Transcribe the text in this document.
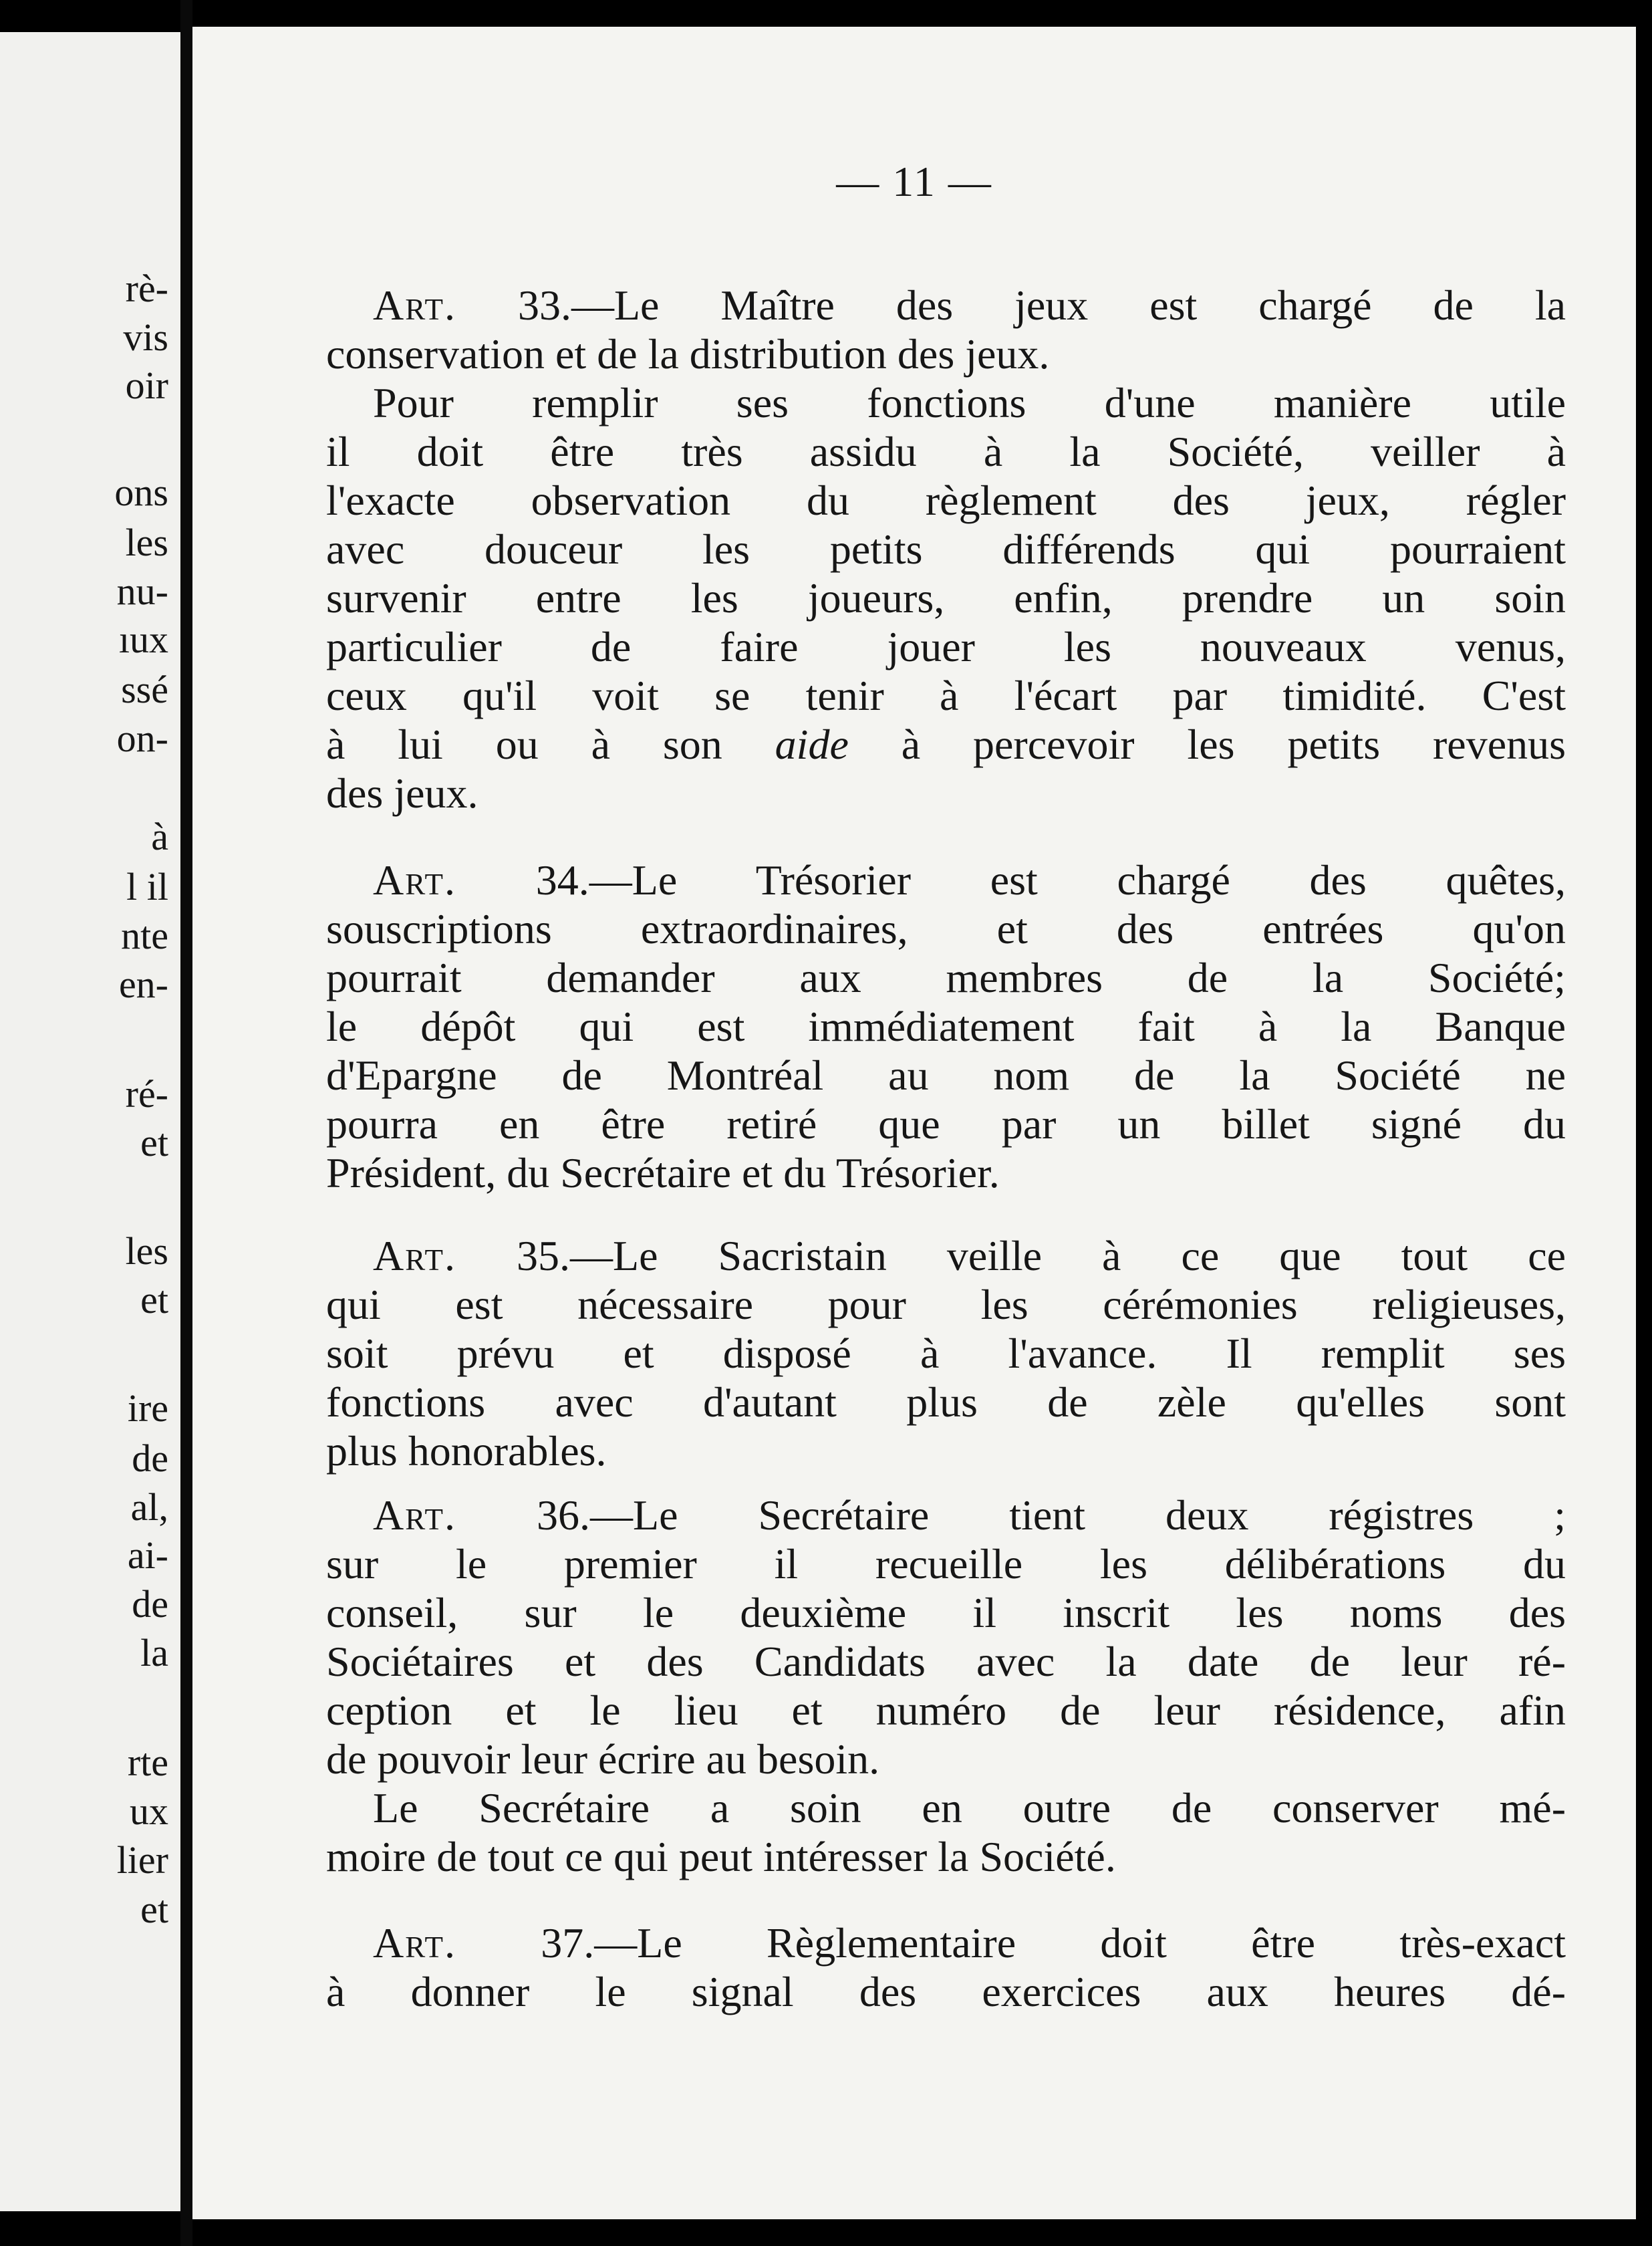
rè-
vis
oir
ons
les
nu-
ıux
ssé
on-
à
l il
nte
en-
ré-
et
les
et
ire
de
al,
ai-
de
la
rte
ux
lier
et
— 11 —
Art. 33.—Le Maître des jeux est chargé de la
conservation et de la distribution des jeux.
Pour remplir ses fonctions d'une manière utile
il doit être très assidu à la Société, veiller à
l'exacte observation du règlement des jeux, régler
avec douceur les petits différends qui pourraient
survenir entre les joueurs, enfin, prendre un soin
particulier de faire jouer les nouveaux venus,
ceux qu'il voit se tenir à l'écart par timidité. C'est
à lui ou à son aide à percevoir les petits revenus
des jeux.
Art. 34.—Le Trésorier est chargé des quêtes,
souscriptions extraordinaires, et des entrées qu'on
pourrait demander aux membres de la Société;
le dépôt qui est immédiatement fait à la Banque
d'Epargne de Montréal au nom de la Société ne
pourra en être retiré que par un billet signé du
Président, du Secrétaire et du Trésorier.
Art. 35.—Le Sacristain veille à ce que tout ce
qui est nécessaire pour les cérémonies religieuses,
soit prévu et disposé à l'avance. Il remplit ses
fonctions avec d'autant plus de zèle qu'elles sont
plus honorables.
Art. 36.—Le Secrétaire tient deux régistres ;
sur le premier il recueille les délibérations du
conseil, sur le deuxième il inscrit les noms des
Sociétaires et des Candidats avec la date de leur ré-
ception et le lieu et numéro de leur résidence, afin
de pouvoir leur écrire au besoin.
Le Secrétaire a soin en outre de conserver mé-
moire de tout ce qui peut intéresser la Société.
Art. 37.—Le Règlementaire doit être très-exact
à donner le signal des exercices aux heures dé-
